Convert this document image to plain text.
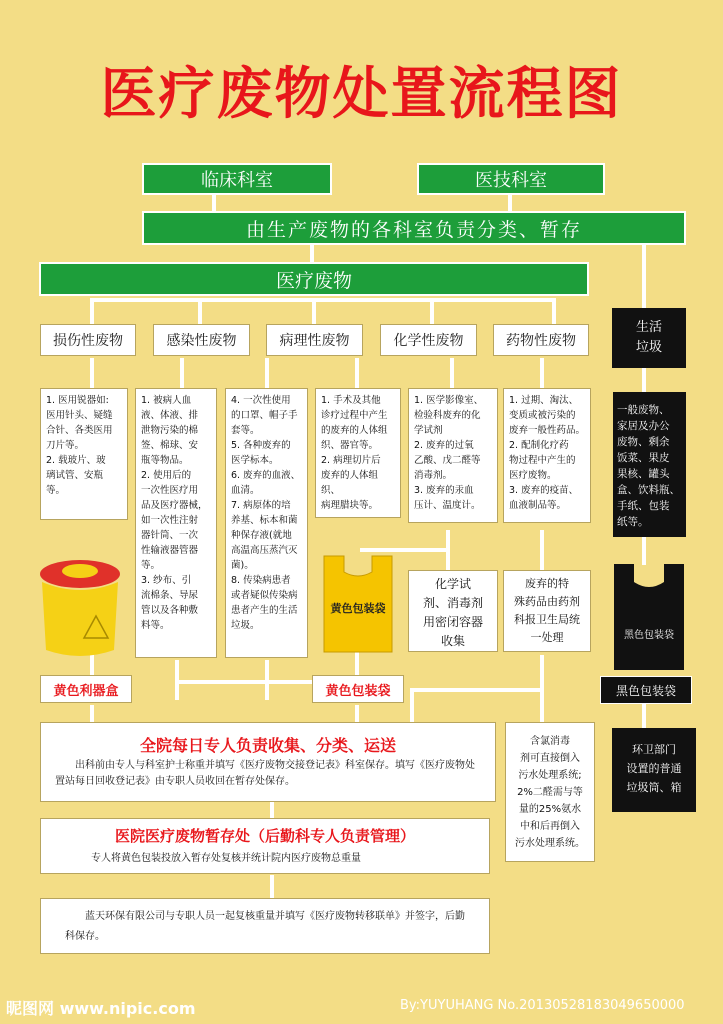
医疗废物处置流程图
临床科室	医技科室
由生产废物的各科室负责分类、暂存
医疗废物
损伤性废物	感染性废物	病理性废物	化学性废物	药物性废物
生活
垃圾
1. 医用锐器如:
医用针头、疑缝
合针、各类医用
刀片等。
2. 载玻片、玻
璃试管、安瓶
等。
1. 被病人血
液、体液、排
泄物污染的棉
签、棉球、安
瓶等物品。
2. 使用后的
一次性医疗用
品及医疗器械，
如一次性注射
器针筒、一次
性输液器管器
等。
3. 纱布、引
流棉条、导尿
管以及各种敷
料等。
4. 一次性使用
的口罩、帽子手
套等。
5. 各种废弃的
医学标本。
6. 废弃的血液、
血清。
7. 病原体的培
养基、标本和菌
种保存液(就地
高温高压蒸汽灭
菌)。
8. 传染病患者
或者疑似传染病
患者产生的生活
垃圾。
1. 手术及其他
诊疗过程中产生
的废弃的人体组
织、器官等。
2. 病理切片后
废弃的人体组织、
病理腊块等。
1. 医学影像室、
检验科废弃的化
学试剂
2. 废弃的过氧
乙酸、戊二醛等
消毒剂。
3. 废弃的汞血
压计、温度计。
1. 过期、淘汰、
变质或被污染的
废弃一般性药品。
2. 配制化疗药
物过程中产生的
医疗废物。
3. 废弃的疫苗、
血液制品等。
一般废物、
家居及办公
废物、剩余
饭菜、果皮
果核、罐头
盒、饮料瓶、
手纸、包装
纸等。
黄色包装袋
化学试
剂、消毒剂
用密闭容器
收集
废弃的特
殊药品由药剂
科报卫生局统
一处理	黑色包装袋
黄色利器盒	黄色包装袋	黑色包装袋
全院每日专人负责收集、分类、运送
出科前由专人与科室护士称重并填写《医疗废物交接登记表》科室保存。填写《医疗废物处置站每日回收登记表》由专职人员收回在暂存处保存。
含氯消毒
剂可直接倒入
污水处理系统;
2%二醛需与等
量的25%氨水
中和后再倒入
污水处理系统。
环卫部门
设置的普通
垃圾筒、箱
医院医疗废物暂存处（后勤科专人负责管理）
专人将黄色包装投放入暂存处复核并统计院内医疗废物总重量
蓝天环保有限公司与专职人员一起复核重量并填写《医疗废物转移联单》并签字，后勤科保存。
昵图网 www.nipic.com	By:YUYUHANG No.20130528183049650000
